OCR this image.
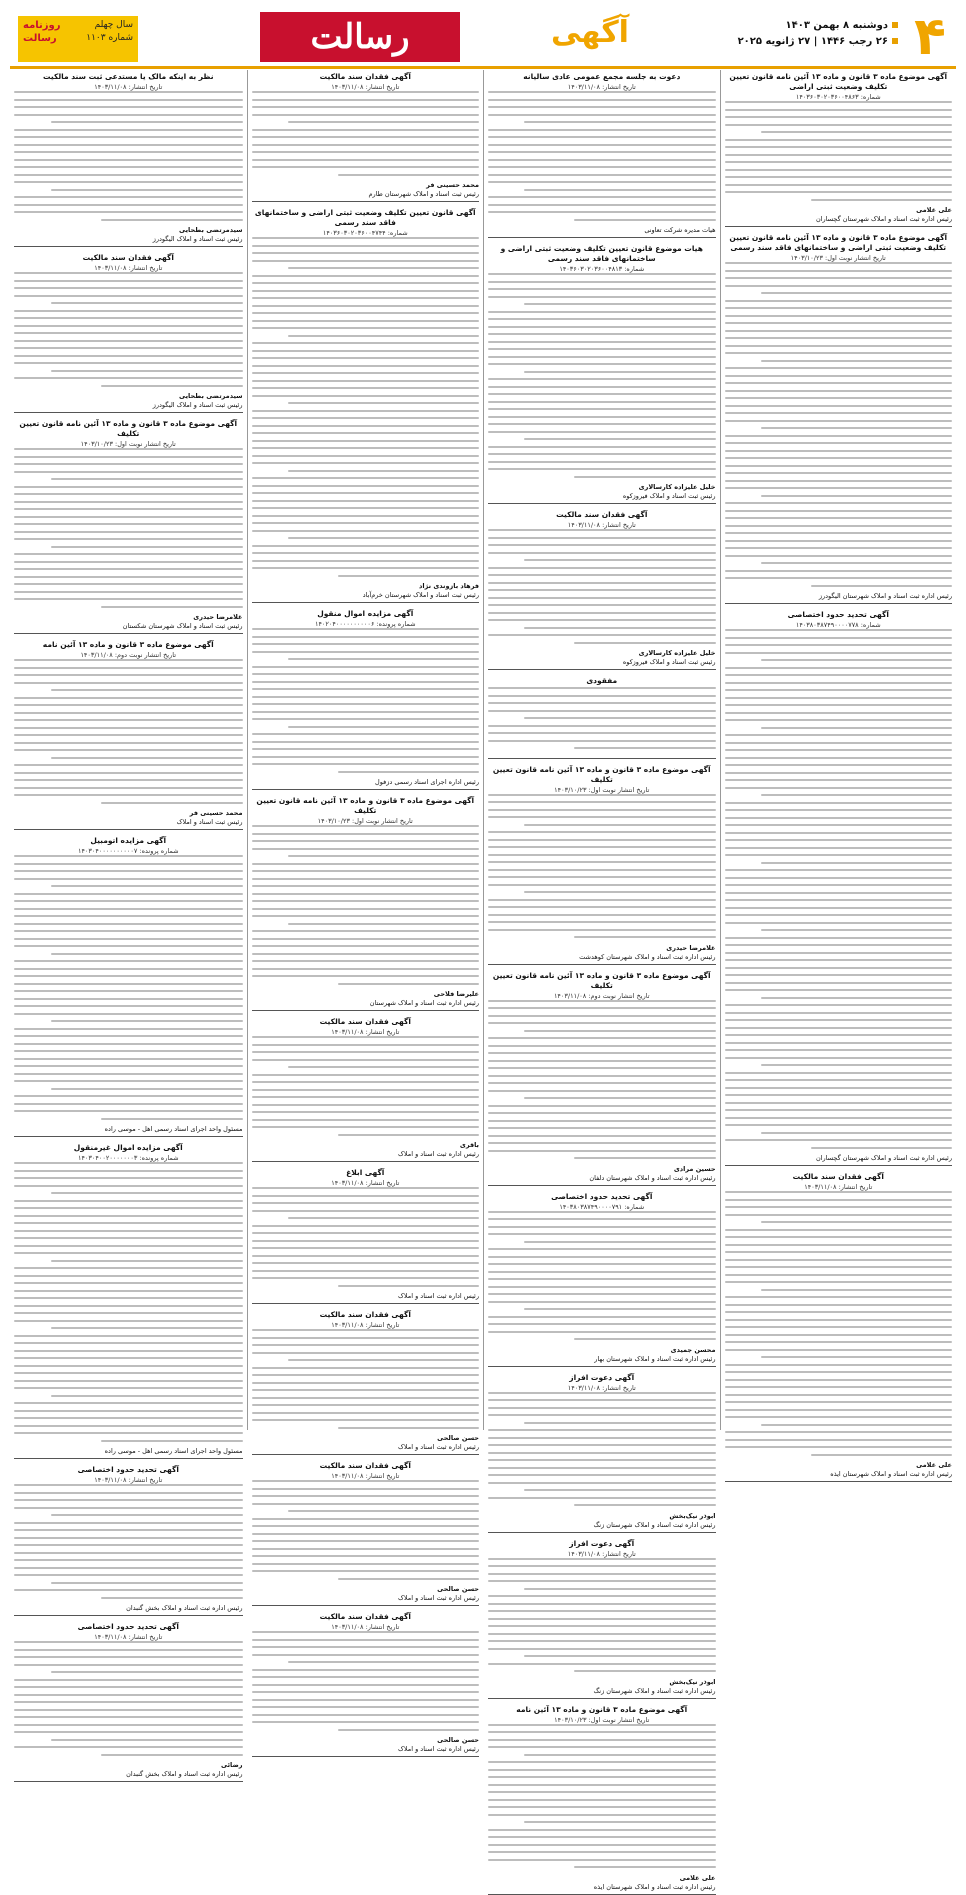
۴
دوشنبه ۸ بهمن ۱۴۰۳
۲۶ رجب ۱۴۴۶ | ۲۷ ژانویه ۲۰۲۵
آگهی
رسالت
سال چهلم
روزنامه
شماره ۱۱۰۳
رسالت
آگهی موضوع ماده ۳ قانون و ماده ۱۳ آئین نامه قانون تعیین تکلیف وضعیت ثبتی اراضی
شماره: ۱۴۰۳۶۰۳۰۲۰۳۶۰۰۴۸۶۳
علی غلامی
رئیس اداره ثبت اسناد و املاک شهرستان گچساران
آگهی موضوع ماده ۳ قانون و ماده ۱۳ آئین نامه قانون تعیین تکلیف وضعیت ثبتی اراضی و ساختمانهای فاقد سند رسمی
تاریخ انتشار نوبت اول: ۱۴۰۳/۱۰/۲۳
رئیس اداره ثبت اسناد و املاک شهرستان الیگودرز
آگهی تحدید حدود اختصاصی
شماره: ۱۴۰۳۸۰۳۸۷۴۹۰۰۰۰۷۷۸
رئیس اداره ثبت اسناد و املاک شهرستان گچساران
آگهی فقدان سند مالکیت
تاریخ انتشار: ۱۴۰۳/۱۱/۰۸
علی غلامی
رئیس اداره ثبت اسناد و املاک شهرستان ایذه
دعوت به جلسه مجمع عمومی عادی سالیانه
تاریخ انتشار: ۱۴۰۳/۱۱/۰۸
هیات مدیره شرکت تعاونی
هیات موضوع قانون تعیین تکلیف وضعیت ثبتی اراضی و ساختمانهای فاقد سند رسمی
شماره: ۱۴۰۳۶۰۳۰۲۰۳۶۰۰۴۸۱۳
خلیل علیزاده کارسالاری
رئیس ثبت اسناد و املاک فیروزکوه
آگهی فقدان سند مالکیت
تاریخ انتشار: ۱۴۰۳/۱۱/۰۸
خلیل علیزاده کارسالاری
رئیس ثبت اسناد و املاک فیروزکوه
مفقودی
آگهی موضوع ماده ۳ قانون و ماده ۱۳ آئین نامه قانون تعیین تکلیف
تاریخ انتشار نوبت اول: ۱۴۰۳/۱۰/۲۳
غلامرضا حیدری
رئیس اداره ثبت اسناد و املاک شهرستان کوهدشت
آگهی موضوع ماده ۳ قانون و ماده ۱۳ آئین نامه قانون تعیین تکلیف
تاریخ انتشار نوبت دوم: ۱۴۰۳/۱۱/۰۸
حسین مرادی
رئیس اداره ثبت اسناد و املاک شهرستان دلفان
آگهی تحدید حدود اختصاصی
شماره: ۱۴۰۳۸۰۳۸۷۴۹۰۰۰۰۷۹۱
محسن جمیدی
رئیس اداره ثبت اسناد و املاک شهرستان بهار
آگهی دعوت افراز
تاریخ انتشار: ۱۴۰۳/۱۱/۰۸
ابوذر نیک‌بخش
رئیس اداره ثبت اسناد و املاک شهرستان زنگ
آگهی دعوت افراز
تاریخ انتشار: ۱۴۰۳/۱۱/۰۸
ابوذر نیک‌بخش
رئیس اداره ثبت اسناد و املاک شهرستان زنگ
آگهی موضوع ماده ۳ قانون و ماده ۱۳ آئین نامه
تاریخ انتشار نوبت اول: ۱۴۰۳/۱۰/۲۳
علی غلامی
رئیس اداره ثبت اسناد و املاک شهرستان ایذه
آگهی فقدان سند مالکیت
تاریخ انتشار: ۱۴۰۳/۱۱/۰۸
محمد حسینی فر
رئیس ثبت اسناد و املاک شهرستان طارم
آگهی قانون تعیین تکلیف وضعیت ثبتی اراضی و ساختمانهای فاقد سند رسمی
شماره: ۱۴۰۳۶۰۳۰۲۰۳۶۰۰۴۷۴۴
فرهاد بازوندی نژاد
رئیس ثبت اسناد و املاک شهرستان خرم‌آباد
آگهی مزایده اموال منقول
شماره پرونده: ۱۴۰۲۰۴۰۰۰۰۰۰۰۰۰۰۶
رئیس اداره اجرای اسناد رسمی دزفول
آگهی موضوع ماده ۳ قانون و ماده ۱۳ آئین نامه قانون تعیین تکلیف
تاریخ انتشار نوبت اول: ۱۴۰۳/۱۰/۲۳
علیرضا فلاحی
رئیس اداره ثبت اسناد و املاک شهرستان
آگهی فقدان سند مالکیت
تاریخ انتشار: ۱۴۰۳/۱۱/۰۸
باقری
رئیس اداره ثبت اسناد و املاک
آگهی ابلاغ
تاریخ انتشار: ۱۴۰۳/۱۱/۰۸
رئیس اداره ثبت اسناد و املاک
آگهی فقدان سند مالکیت
تاریخ انتشار: ۱۴۰۳/۱۱/۰۸
حسن صالحی
رئیس اداره ثبت اسناد و املاک
آگهی فقدان سند مالکیت
تاریخ انتشار: ۱۴۰۳/۱۱/۰۸
حسن صالحی
رئیس اداره ثبت اسناد و املاک
آگهی فقدان سند مالکیت
تاریخ انتشار: ۱۴۰۳/۱۱/۰۸
حسن صالحی
رئیس اداره ثبت اسناد و املاک
نظر به اینکه مالک یا مستدعی ثبت سند مالکیت
تاریخ انتشار: ۱۴۰۳/۱۱/۰۸
سیدمرتضی بطحایی
رئیس ثبت اسناد و املاک الیگودرز
آگهی فقدان سند مالکیت
تاریخ انتشار: ۱۴۰۳/۱۱/۰۸
سیدمرتضی بطحایی
رئیس ثبت اسناد و املاک الیگودرز
آگهی موضوع ماده ۳ قانون و ماده ۱۳ آئین نامه قانون تعیین تکلیف
تاریخ انتشار نوبت اول: ۱۴۰۳/۱۰/۲۳
غلامرضا حیدری
رئیس ثبت اسناد و املاک شهرستان شکستان
آگهی موضوع ماده ۳ قانون و ماده ۱۳ آئین نامه
تاریخ انتشار نوبت دوم: ۱۴۰۳/۱۱/۰۸
محمد حسینی فر
رئیس ثبت اسناد و املاک
آگهی مزایده اتومبیل
شماره پرونده: ۱۴۰۳۰۴۰۰۰۰۰۰۰۰۰۰۷
مسئول واحد اجرای اسناد رسمی اهل - موسی راده
آگهی مزایده اموال غیرمنقول
شماره پرونده: ۱۴۰۳۰۴۰۰۲۰۰۰۰۰۰۰۳
مسئول واحد اجرای اسناد رسمی اهل - موسی راده
آگهی تحدید حدود اختصاصی
تاریخ انتشار: ۱۴۰۳/۱۱/۰۸
رئیس اداره ثبت اسناد و املاک بخش گنبدان
آگهی تحدید حدود اختصاصی
تاریخ انتشار: ۱۴۰۳/۱۱/۰۸
رضائی
رئیس اداره ثبت اسناد و املاک بخش گنبدان
